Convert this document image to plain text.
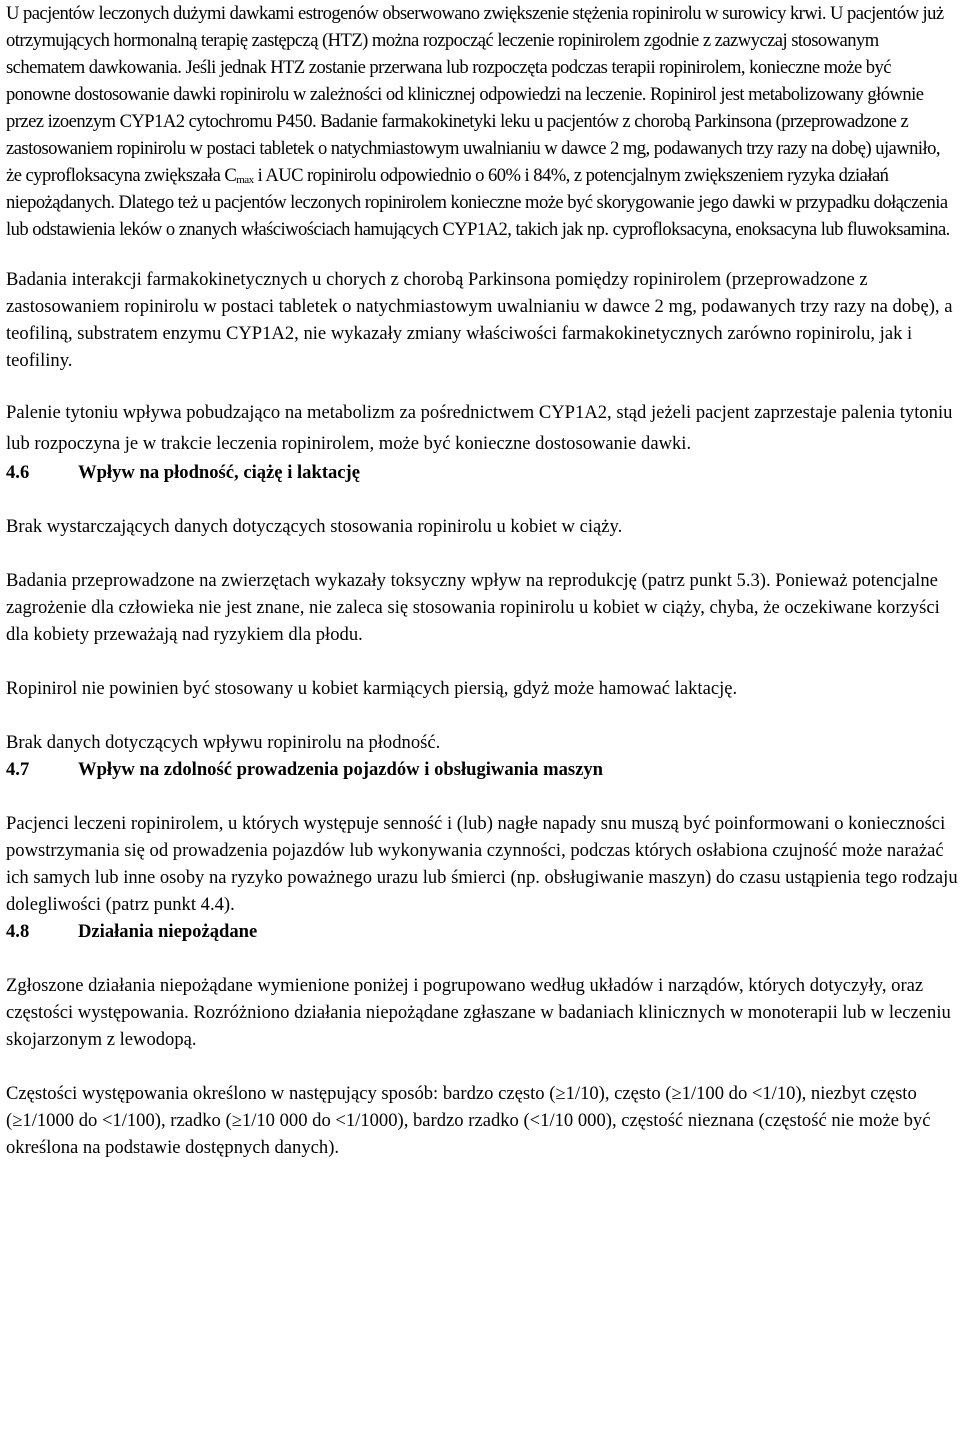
U pacjentów leczonych dużymi dawkami estrogenów obserwowano zwiększenie stężenia ropinirolu w surowicy krwi. U pacjentów już otrzymujących hormonalną terapię zastępczą (HTZ) można rozpocząć leczenie ropinirolem zgodnie z zazwyczaj stosowanym schematem dawkowania. Jeśli jednak HTZ zostanie przerwana lub rozpoczęta podczas terapii ropinirolem, konieczne może być ponowne dostosowanie dawki ropinirolu w zależności od klinicznej odpowiedzi na leczenie. Ropinirol jest metabolizowany głównie przez izoenzym CYP1A2 cytochromu P450. Badanie farmakokinetyki leku u pacjentów z chorobą Parkinsona (przeprowadzone z zastosowaniem ropinirolu w postaci tabletek o natychmiastowym uwalnianiu w dawce 2 mg, podawanych trzy razy na dobę) ujawniło, że cyprofloksacyna zwiększała $C_{max}$ i AUC ropinirolu odpowiednio o 60% i 84%, z potencjalnym zwiększeniem ryzyka działań niepożądanych. Dlatego też u pacjentów leczonych ropinirolem konieczne może być skorygowanie jego dawki w przypadku dołączenia lub odstawienia leków o znanych właściwościach hamujących CYP1A2, takich jak np. cyprofloksacyna, enoksacyna lub fluwoksamina.

Badania interakcji farmakokinetycznych u chorych z chorobą Parkinsona pomiędzy ropinirolem (przeprowadzone z zastosowaniem ropinirolu w postaci tabletek o natychmiastowym uwalnianiu w dawce 2 mg, podawanych trzy razy na dobę), a teofiliną, substratem enzymu CYP1A2, nie wykazały zmiany właściwości farmakokinetycznych zarówno ropinirolu, jak i teofiliny.

Palenie tytoniu wpływa pobudzająco na metabolizm za pośrednictwem CYP1A2, stąd jeżeli pacjent zaprzestaje palenia tytoniu lub rozpoczyna je w trakcie leczenia ropinirolem, może być konieczne dostosowanie dawki.

4.6	Wpływ na płodność, ciążę i laktację

Brak wystarczających danych dotyczących stosowania ropinirolu u kobiet w ciąży.

Badania przeprowadzone na zwierzętach wykazały toksyczny wpływ na reprodukcję (patrz punkt 5.3). Ponieważ potencjalne zagrożenie dla człowieka nie jest znane, nie zaleca się stosowania ropinirolu u kobiet w ciąży, chyba, że oczekiwane korzyści dla kobiety przeważają nad ryzykiem dla płodu.

Ropinirol nie powinien być stosowany u kobiet karmiących piersią, gdyż może hamować laktację.

Brak danych dotyczących wpływu ropinirolu na płodność.

4.7	Wpływ na zdolność prowadzenia pojazdów i obsługiwania maszyn

Pacjenci leczeni ropinirolem, u których występuje senność i (lub) nagłe napady snu muszą być poinformowani o konieczności powstrzymania się od prowadzenia pojazdów lub wykonywania czynności, podczas których osłabiona czujność może narażać ich samych lub inne osoby na ryzyko poważnego urazu lub śmierci (np. obsługiwanie maszyn) do czasu ustąpienia tego rodzaju dolegliwości (patrz punkt 4.4).

4.8	Działania niepożądane

Zgłoszone działania niepożądane wymienione poniżej i pogrupowano według układów i narządów, których dotyczyły, oraz częstości występowania. Rozróżniono działania niepożądane zgłaszane w badaniach klinicznych w monoterapii lub w leczeniu skojarzonym z lewodopą.

Częstości występowania określono w następujący sposób: bardzo często (≥1/10), często (≥1/100 do <1/10), niezbyt często (≥1/1000 do <1/100), rzadko (≥1/10 000 do <1/1000), bardzo rzadko (<1/10 000), częstość nieznana (częstość nie może być określona na podstawie dostępnych danych).
